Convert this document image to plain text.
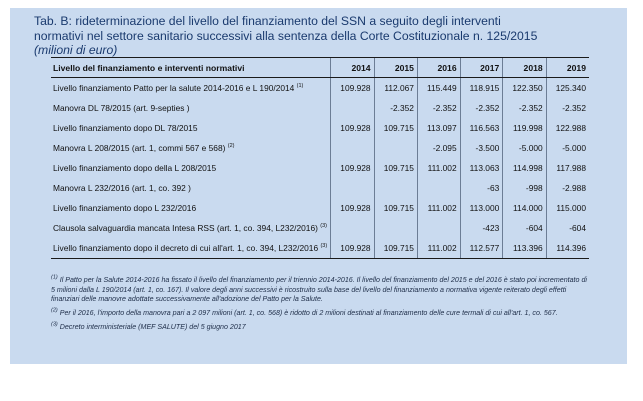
Tab. B: rideterminazione del livello del finanziamento del SSN a seguito degli interventi
normativi nel settore sanitario successivi alla sentenza della Corte Costituzionale n. 125/2015
(milioni di euro)
Livello del finanziamento e interventi normativi	2014	2015	2016	2017	2018	2019
Livello finanziamento Patto per la salute 2014-2016 e L 190/2014 $^{(1)}$	109.928	112.067	115.449	118.915	122.350	125.340
Manovra DL 78/2015 (art. 9-septies )		-2.352	-2.352	-2.352	-2.352	-2.352
Livello finanziamento dopo DL 78/2015	109.928	109.715	113.097	116.563	119.998	122.988
Manovra L 208/2015 (art. 1, commi 567 e 568) $^{(2)}$			-2.095	-3.500	-5.000	-5.000
Livello finanziamento dopo della L 208/2015	109.928	109.715	111.002	113.063	114.998	117.988
Manovra L 232/2016 (art. 1, co. 392 )				-63	-998	-2.988
Livello finanziamento dopo L 232/2016	109.928	109.715	111.002	113.000	114.000	115.000
Clausola salvaguardia mancata Intesa RSS (art. 1, co. 394, L232/2016) $^{(3)}$				-423	-604	-604
Livello finanziamento dopo il decreto di cui all'art. 1, co. 394, L232/2016 $^{(3)}$	109.928	109.715	111.002	112.577	113.396	114.396

$^{(1)}$ Il Patto per la Salute 2014-2016 ha fissato il livello del finanziamento per il triennio 2014-2016. Il livello del finanziamento del 2015 e del 2016 è stato poi incrementato di 5 milioni dalla L 190/2014 (art. 1, co. 167). Il valore degli anni successivi è ricostruito sulla base del livello del finanziamento a normativa vigente reiterato degli effetti finanziari delle manovre adottate successivamente all'adozione del Patto per la Salute.

$^{(2)}$ Per il 2016, l'importo della manovra pari a 2 097 milioni (art. 1, co. 568) è ridotto di 2 milioni destinati al finanziamento delle cure termali di cui all'art. 1, co. 567.

$^{(3)}$ Decreto interministeriale (MEF SALUTE) del 5 giugno 2017
